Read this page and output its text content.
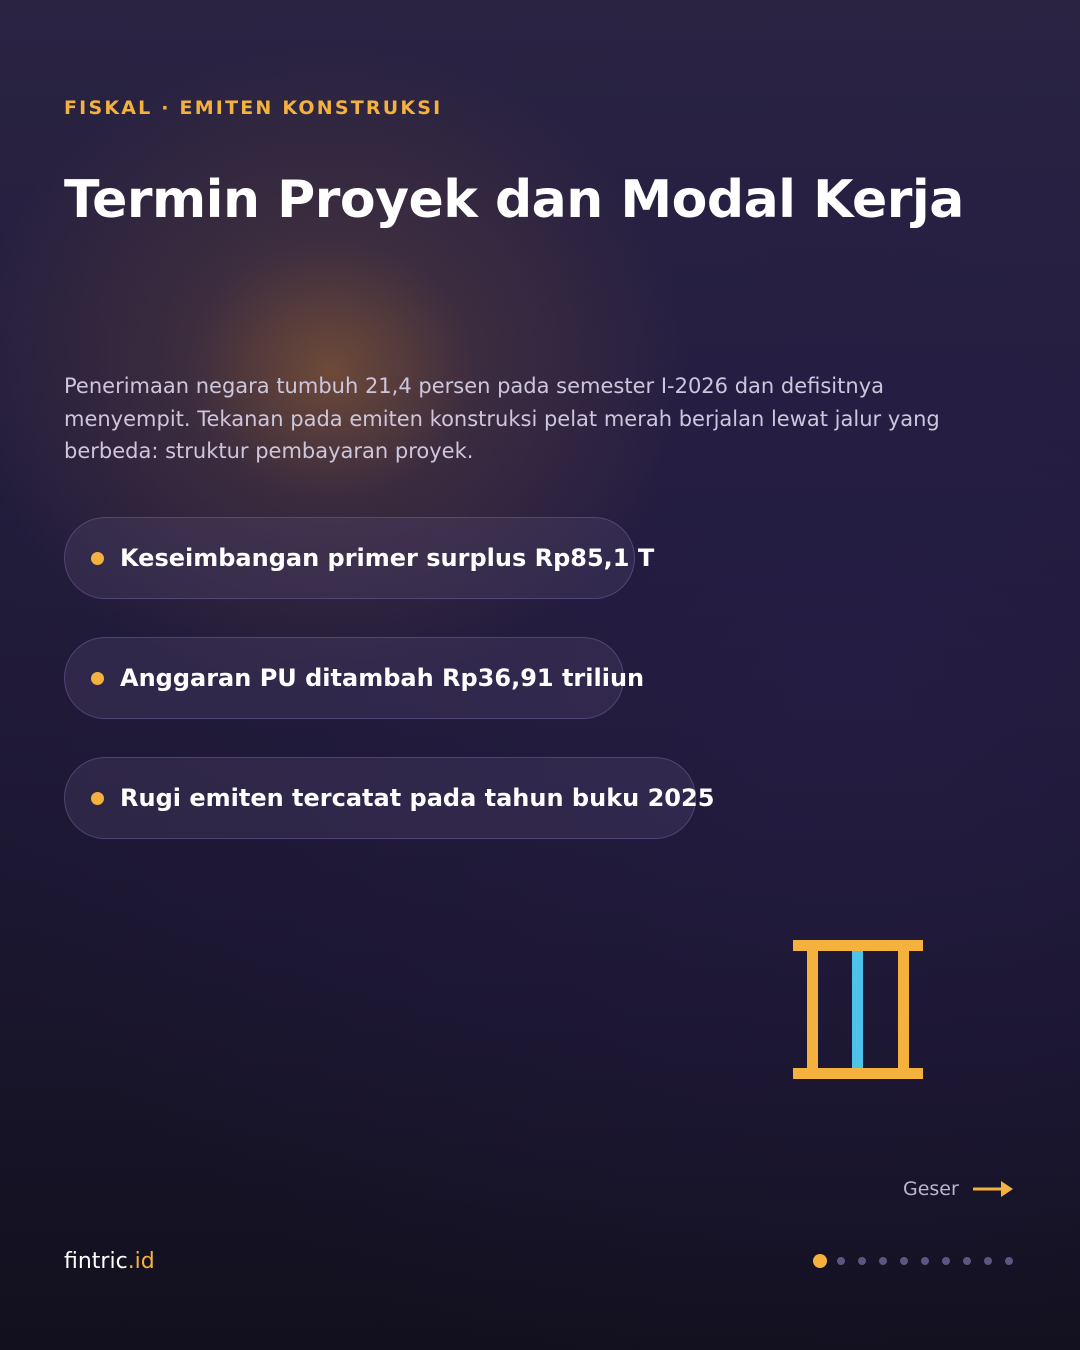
FISKAL · EMITEN KONSTRUKSI
Termin Proyek dan Modal Kerja

Penerimaan negara tumbuh 21,4 persen pada semester I-2026 dan defisitnya menyempit. Tekanan pada emiten konstruksi pelat merah berjalan lewat jalur yang berbeda: struktur pembayaran proyek.

Keseimbangan primer surplus Rp85,1 T
Anggaran PU ditambah Rp36,91 triliun
Rugi emiten tercatat pada tahun buku 2025
Geser
fintric.id
